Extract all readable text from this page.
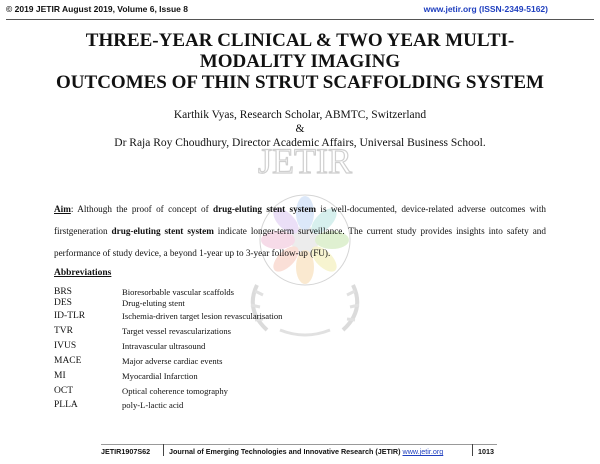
© 2019 JETIR August 2019, Volume 6, Issue 8	www.jetir.org (ISSN-2349-5162)
THREE-YEAR CLINICAL & TWO YEAR MULTI-
MODALITY IMAGING
OUTCOMES OF THIN STRUT SCAFFOLDING SYSTEM
Karthik Vyas, Research Scholar, ABMTC, Switzerland
&
Dr Raja Roy Choudhury, Director Academic Affairs, Universal Business School.
JETIR
Aim: Although the proof of concept of drug-eluting stent system is well-documented, device-related adverse outcomes with firstgeneration drug-eluting stent system indicate longer-term surveillance. The current study provides insights into safety and performance of study device, a beyond 1-year up to 3-year follow-up (FU).
Abbreviations
BRS	Bioresorbable vascular scaffolds
DES	Drug-eluting stent
ID-TLR	Ischemia-driven target lesion revascularisation
TVR	Target vessel revascularizations
IVUS	Intravascular ultrasound
MACE	Major adverse cardiac events
MI	Myocardial Infarction
OCT	Optical coherence tomography
PLLA	poly-L-lactic acid
JETIR1907S62	Journal of Emerging Technologies and Innovative Research (JETIR) www.jetir.org	1013
